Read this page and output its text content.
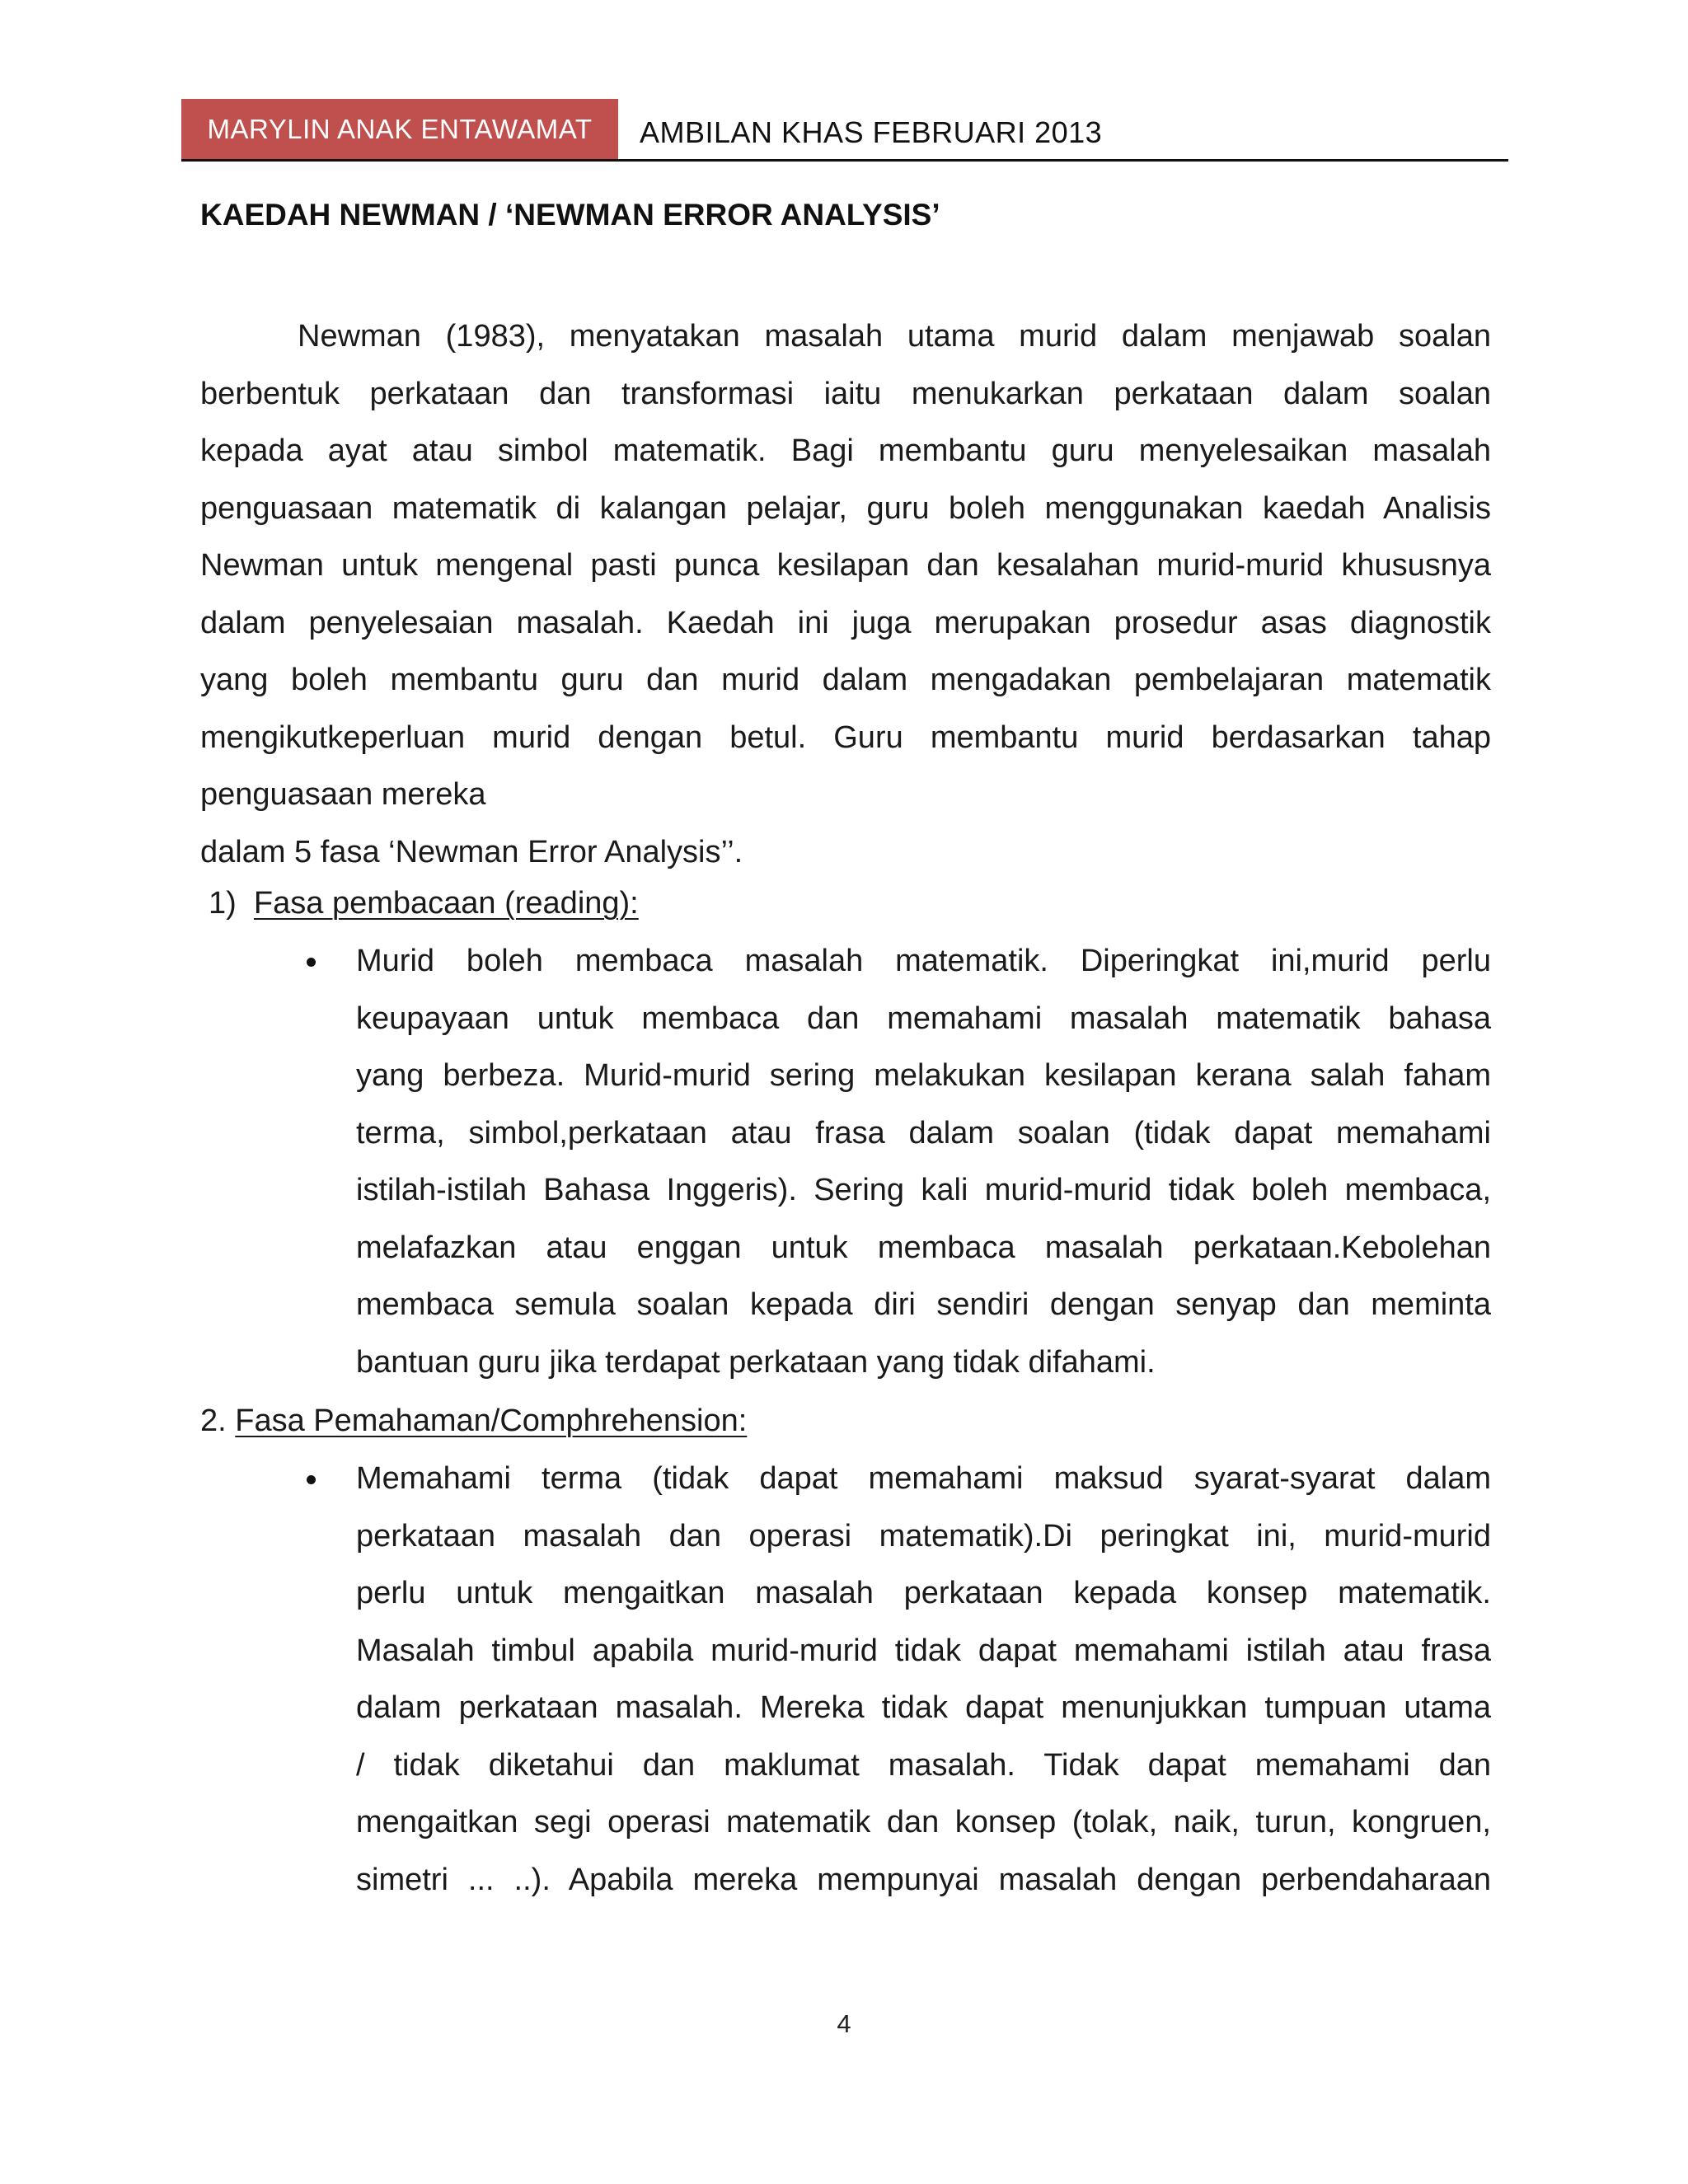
MARYLIN ANAK ENTAWAMAT	AMBILAN KHAS FEBRUARI 2013
KAEDAH NEWMAN / ‘NEWMAN ERROR ANALYSIS’
Newman (1983), menyatakan masalah utama murid dalam menjawab soalan
berbentuk perkataan dan transformasi iaitu menukarkan perkataan dalam soalan
kepada ayat atau simbol matematik. Bagi membantu guru menyelesaikan masalah
penguasaan matematik di kalangan pelajar, guru boleh menggunakan kaedah Analisis
Newman untuk mengenal pasti punca kesilapan dan kesalahan murid-murid khususnya
dalam penyelesaian masalah. Kaedah ini juga merupakan prosedur asas diagnostik
yang boleh membantu guru dan murid dalam mengadakan pembelajaran matematik
mengikutkeperluan murid dengan betul. Guru membantu murid berdasarkan tahap
penguasaan mereka
dalam 5 fasa ‘Newman Error Analysis’’.
1) Fasa pembacaan (reading):
Murid boleh membaca masalah matematik. Diperingkat ini,murid perlu
keupayaan untuk membaca dan memahami masalah matematik bahasa
yang berbeza. Murid-murid sering melakukan kesilapan kerana salah faham
terma, simbol,perkataan atau frasa dalam soalan (tidak dapat memahami
istilah-istilah Bahasa Inggeris). Sering kali murid-murid tidak boleh membaca,
melafazkan atau enggan untuk membaca masalah perkataan.Kebolehan
membaca semula soalan kepada diri sendiri dengan senyap dan meminta
bantuan guru jika terdapat perkataan yang tidak difahami.
2. Fasa Pemahaman/Comphrehension:
Memahami terma (tidak dapat memahami maksud syarat-syarat dalam
perkataan masalah dan operasi matematik).Di peringkat ini, murid-murid
perlu untuk mengaitkan masalah perkataan kepada konsep matematik.
Masalah timbul apabila murid-murid tidak dapat memahami istilah atau frasa
dalam perkataan masalah. Mereka tidak dapat menunjukkan tumpuan utama
/ tidak diketahui dan maklumat masalah. Tidak dapat memahami dan
mengaitkan segi operasi matematik dan konsep (tolak, naik, turun, kongruen,
simetri ... ..). Apabila mereka mempunyai masalah dengan perbendaharaan
4
